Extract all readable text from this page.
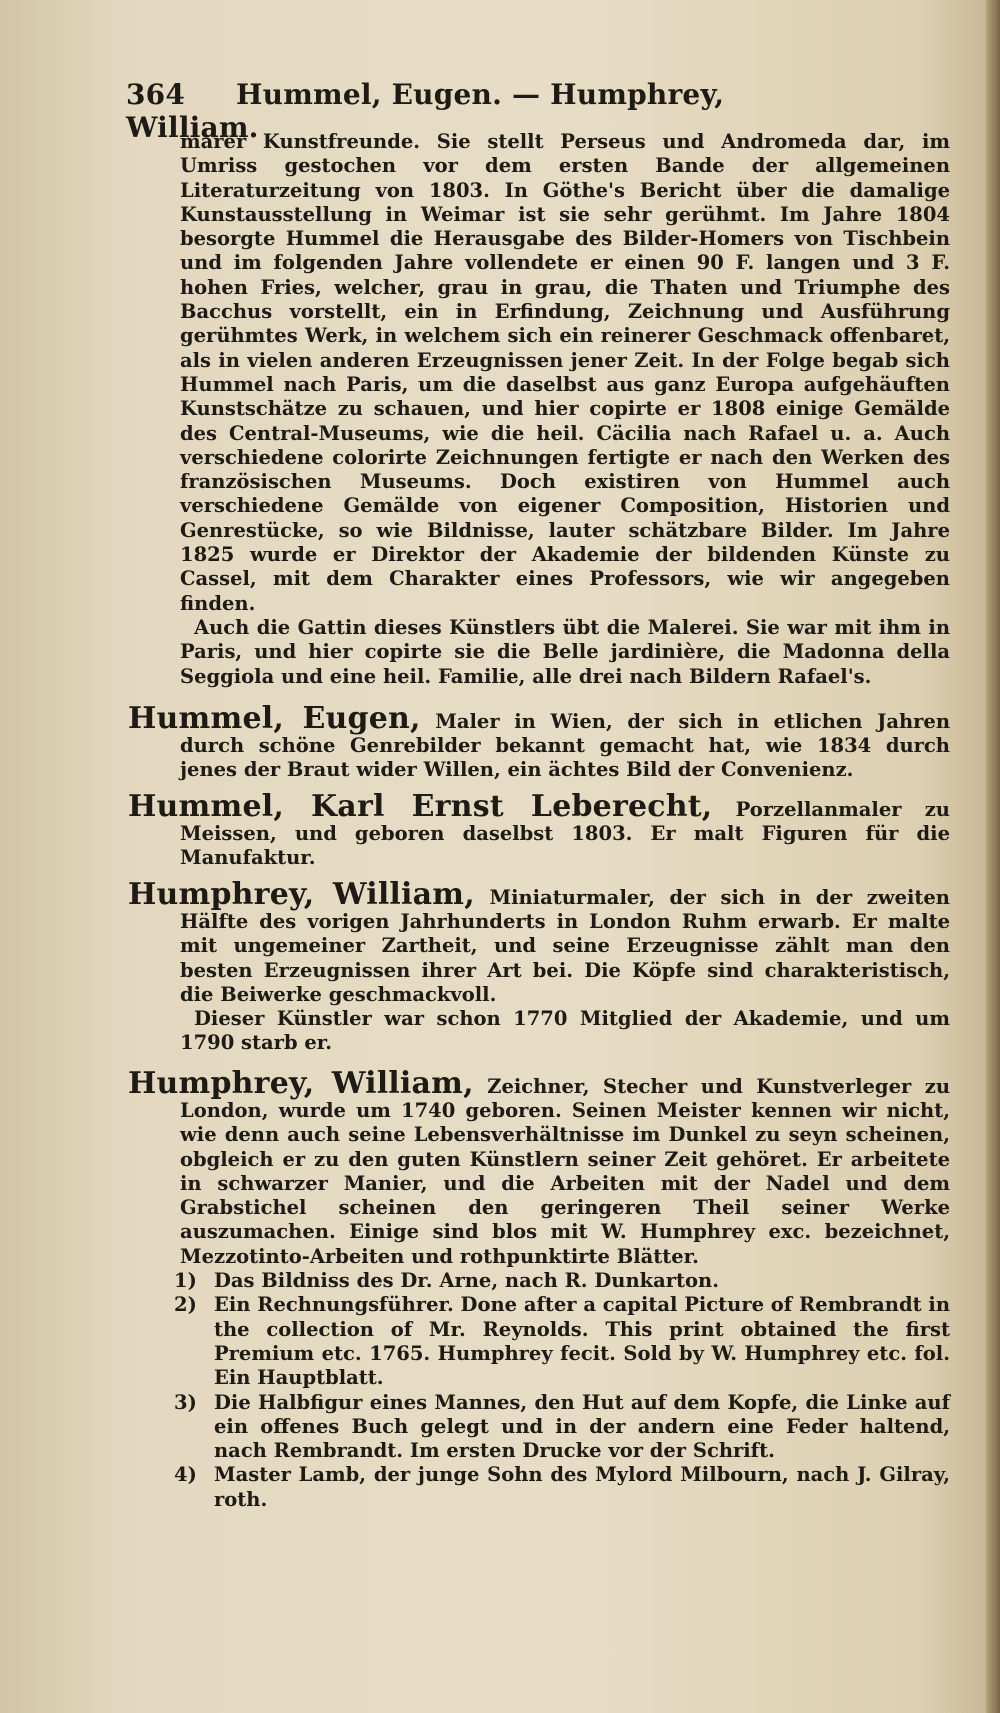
364 Hummel, Eugen. — Humphrey, William.

marer Kunstfreunde. Sie stellt Perseus und Andromeda dar, im Umriss gestochen vor dem ersten Bande der allgemeinen Literaturzeitung von 1803. In Göthe's Bericht über die damalige Kunstausstellung in Weimar ist sie sehr gerühmt. Im Jahre 1804 besorgte Hummel die Herausgabe des Bilder-Homers von Tischbein und im folgenden Jahre vollendete er einen 90 F. langen und 3 F. hohen Fries, welcher, grau in grau, die Thaten und Triumphe des Bacchus vorstellt, ein in Erfindung, Zeichnung und Ausführung gerühmtes Werk, in welchem sich ein reinerer Geschmack offenbaret, als in vielen anderen Erzeugnissen jener Zeit. In der Folge begab sich Hummel nach Paris, um die daselbst aus ganz Europa aufgehäuften Kunstschätze zu schauen, und hier copirte er 1808 einige Gemälde des Central-Museums, wie die heil. Cäcilia nach Rafael u. a. Auch verschiedene colorirte Zeichnungen fertigte er nach den Werken des französischen Museums. Doch existiren von Hummel auch verschiedene Gemälde von eigener Composition, Historien und Genrestücke, so wie Bildnisse, lauter schätzbare Bilder. Im Jahre 1825 wurde er Direktor der Akademie der bildenden Künste zu Cassel, mit dem Charakter eines Professors, wie wir angegeben finden.

Auch die Gattin dieses Künstlers übt die Malerei. Sie war mit ihm in Paris, und hier copirte sie die Belle jardinière, die Madonna della Seggiola und eine heil. Familie, alle drei nach Bildern Rafael's.

Hummel, Eugen, Maler in Wien, der sich in etlichen Jahren durch schöne Genrebilder bekannt gemacht hat, wie 1834 durch jenes der Braut wider Willen, ein ächtes Bild der Convenienz.
Hummel, Karl Ernst Leberecht, Porzellanmaler zu Meissen, und geboren daselbst 1803. Er malt Figuren für die Manufaktur.
Humphrey, William, Miniaturmaler, der sich in der zweiten Hälfte des vorigen Jahrhunderts in London Ruhm erwarb. Er malte mit ungemeiner Zartheit, und seine Erzeugnisse zählt man den besten Erzeugnissen ihrer Art bei. Die Köpfe sind charakteristisch, die Beiwerke geschmackvoll.

Dieser Künstler war schon 1770 Mitglied der Akademie, und um 1790 starb er.

Humphrey, William, Zeichner, Stecher und Kunstverleger zu London, wurde um 1740 geboren. Seinen Meister kennen wir nicht, wie denn auch seine Lebensverhältnisse im Dunkel zu seyn scheinen, obgleich er zu den guten Künstlern seiner Zeit gehöret. Er arbeitete in schwarzer Manier, und die Arbeiten mit der Nadel und dem Grabstichel scheinen den geringeren Theil seiner Werke auszumachen. Einige sind blos mit W. Humphrey exc. bezeichnet, Mezzotinto-Arbeiten und rothpunktirte Blätter.
1) Das Bildniss des Dr. Arne, nach R. Dunkarton.
2) Ein Rechnungsführer. Done after a capital Picture of Rembrandt in the collection of Mr. Reynolds. This print obtained the first Premium etc. 1765. Humphrey fecit. Sold by W. Humphrey etc. fol. Ein Hauptblatt.
3) Die Halbfigur eines Mannes, den Hut auf dem Kopfe, die Linke auf ein offenes Buch gelegt und in der andern eine Feder haltend, nach Rembrandt. Im ersten Drucke vor der Schrift.
4) Master Lamb, der junge Sohn des Mylord Milbourn, nach J. Gilray, roth.
